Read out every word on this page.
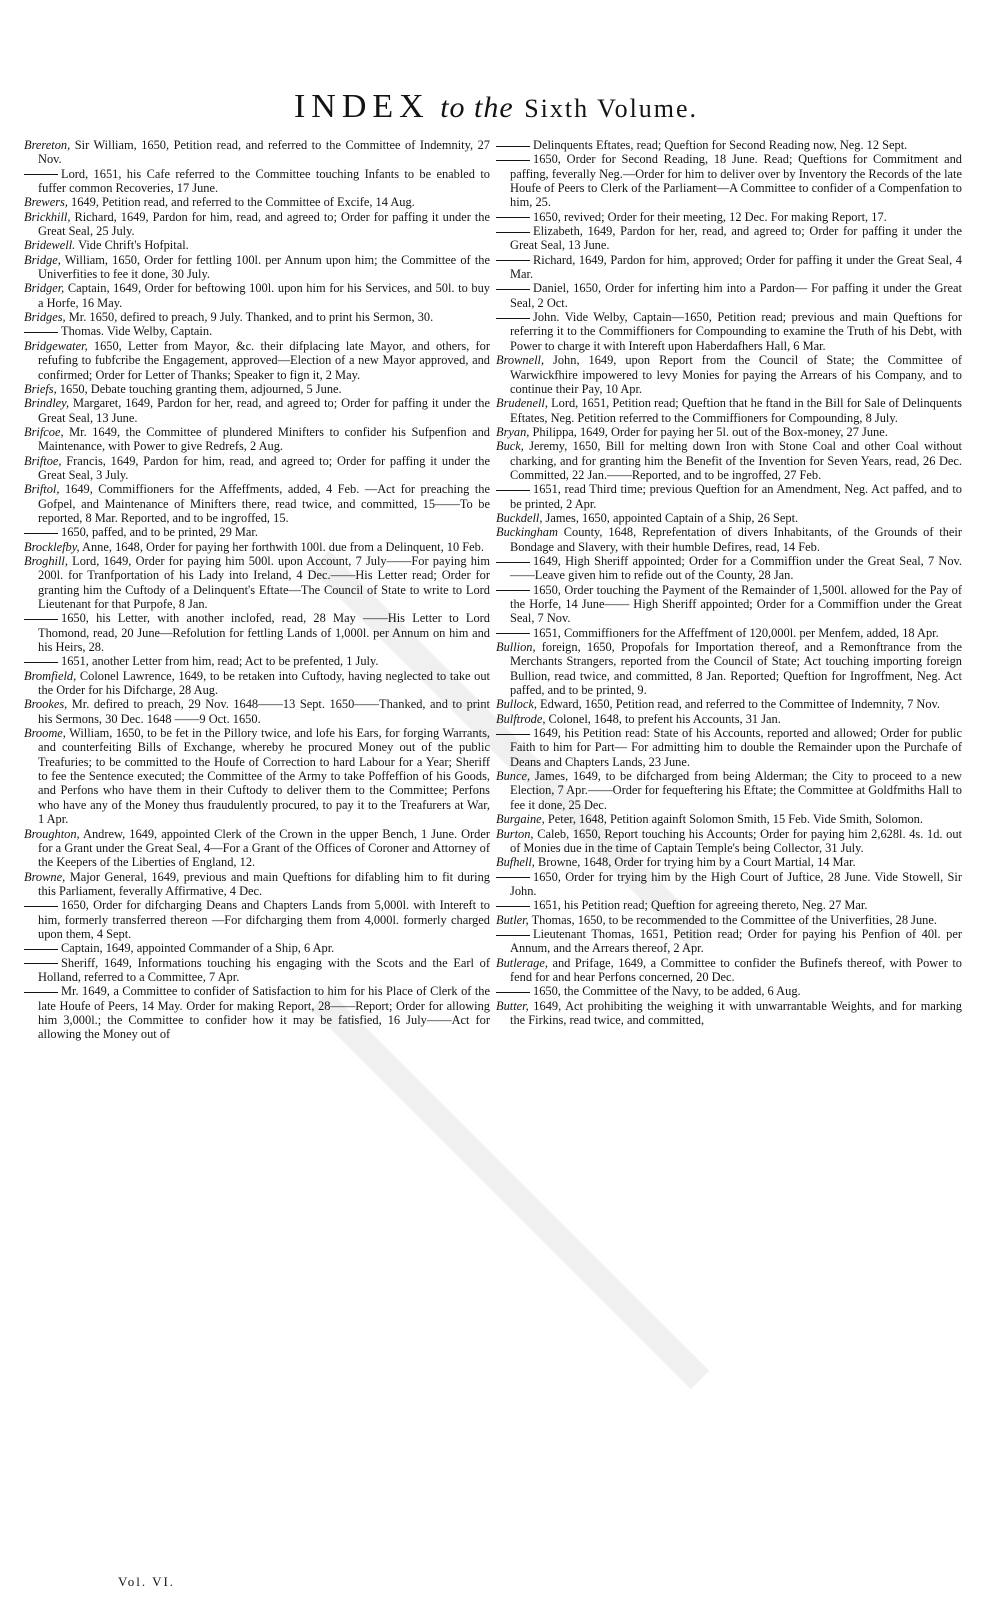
INDEX to the Sixth Volume.

Brereton, Sir William, 1650, Petition read, and referred to the Committee of Indemnity, 27 Nov.

Lord, 1651, his Cafe referred to the Committee touching Infants to be enabled to fuffer common Recoveries, 17 June.

Brewers, 1649, Petition read, and referred to the Committee of Excife, 14 Aug.

Brickhill, Richard, 1649, Pardon for him, read, and agreed to; Order for paffing it under the Great Seal, 25 July.

Bridewell. Vide Chrift's Hofpital.

Bridge, William, 1650, Order for fettling 100l. per Annum upon him; the Committee of the Univerfities to fee it done, 30 July.

Bridger, Captain, 1649, Order for beftowing 100l. upon him for his Services, and 50l. to buy a Horfe, 16 May.

Bridges, Mr. 1650, defired to preach, 9 July. Thanked, and to print his Sermon, 30.

Thomas. Vide Welby, Captain.

Bridgewater, 1650, Letter from Mayor, &c. their difplacing late Mayor, and others, for refufing to fubfcribe the Engagement, approved—Election of a new Mayor approved, and confirmed; Order for Letter of Thanks; Speaker to fign it, 2 May.

Briefs, 1650, Debate touching granting them, adjourned, 5 June.

Brindley, Margaret, 1649, Pardon for her, read, and agreed to; Order for paffing it under the Great Seal, 13 June.

Brifcoe, Mr. 1649, the Committee of plundered Minifters to confider his Sufpenfion and Maintenance, with Power to give Redrefs, 2 Aug.

Briftoe, Francis, 1649, Pardon for him, read, and agreed to; Order for paffing it under the Great Seal, 3 July.

Briftol, 1649, Commiffioners for the Affeffments, added, 4 Feb. —Act for preaching the Gofpel, and Maintenance of Minifters there, read twice, and committed, 15——To be reported, 8 Mar. Reported, and to be ingroffed, 15.

1650, paffed, and to be printed, 29 Mar.

Brocklefby, Anne, 1648, Order for paying her forthwith 100l. due from a Delinquent, 10 Feb.

Broghill, Lord, 1649, Order for paying him 500l. upon Account, 7 July——For paying him 200l. for Tranfportation of his Lady into Ireland, 4 Dec.——His Letter read; Order for granting him the Cuftody of a Delinquent's Eftate—The Council of State to write to Lord Lieutenant for that Purpofe, 8 Jan.

1650, his Letter, with another inclofed, read, 28 May ——His Letter to Lord Thomond, read, 20 June—Refolution for fettling Lands of 1,000l. per Annum on him and his Heirs, 28.

1651, another Letter from him, read; Act to be prefented, 1 July.

Bromfield, Colonel Lawrence, 1649, to be retaken into Cuftody, having neglected to take out the Order for his Difcharge, 28 Aug.

Brookes, Mr. defired to preach, 29 Nov. 1648——13 Sept. 1650——Thanked, and to print his Sermons, 30 Dec. 1648 ——9 Oct. 1650.

Broome, William, 1650, to be fet in the Pillory twice, and lofe his Ears, for forging Warrants, and counterfeiting Bills of Exchange, whereby he procured Money out of the public Treafuries; to be committed to the Houfe of Correction to hard Labour for a Year; Sheriff to fee the Sentence executed; the Committee of the Army to take Poffeffion of his Goods, and Perfons who have them in their Cuftody to deliver them to the Committee; Perfons who have any of the Money thus fraudulently procured, to pay it to the Treafurers at War, 1 Apr.

Broughton, Andrew, 1649, appointed Clerk of the Crown in the upper Bench, 1 June. Order for a Grant under the Great Seal, 4—For a Grant of the Offices of Coroner and Attorney of the Keepers of the Liberties of England, 12.

Browne, Major General, 1649, previous and main Queftions for difabling him to fit during this Parliament, feverally Affirmative, 4 Dec.

1650, Order for difcharging Deans and Chapters Lands from 5,000l. with Intereft to him, formerly transferred thereon —For difcharging them from 4,000l. formerly charged upon them, 4 Sept.

Captain, 1649, appointed Commander of a Ship, 6 Apr.

Sheriff, 1649, Informations touching his engaging with the Scots and the Earl of Holland, referred to a Committee, 7 Apr.

Mr. 1649, a Committee to confider of Satisfaction to him for his Place of Clerk of the late Houfe of Peers, 14 May. Order for making Report, 28——Report; Order for allowing him 3,000l.; the Committee to confider how it may be fatisfied, 16 July——Act for allowing the Money out of

Delinquents Eftates, read; Queftion for Second Reading now, Neg. 12 Sept.

1650, Order for Second Reading, 18 June. Read; Queftions for Commitment and paffing, feverally Neg.—Order for him to deliver over by Inventory the Records of the late Houfe of Peers to Clerk of the Parliament—A Committee to confider of a Compenfation to him, 25.

1650, revived; Order for their meeting, 12 Dec. For making Report, 17.

Elizabeth, 1649, Pardon for her, read, and agreed to; Order for paffing it under the Great Seal, 13 June.

Richard, 1649, Pardon for him, approved; Order for paffing it under the Great Seal, 4 Mar.

Daniel, 1650, Order for inferting him into a Pardon— For paffing it under the Great Seal, 2 Oct.

John. Vide Welby, Captain—1650, Petition read; previous and main Queftions for referring it to the Commiffioners for Compounding to examine the Truth of his Debt, with Power to charge it with Intereft upon Haberdafhers Hall, 6 Mar.

Brownell, John, 1649, upon Report from the Council of State; the Committee of Warwickfhire impowered to levy Monies for paying the Arrears of his Company, and to continue their Pay, 10 Apr.

Brudenell, Lord, 1651, Petition read; Queftion that he ftand in the Bill for Sale of Delinquents Eftates, Neg. Petition referred to the Commiffioners for Compounding, 8 July.

Bryan, Philippa, 1649, Order for paying her 5l. out of the Box-money, 27 June.

Buck, Jeremy, 1650, Bill for melting down Iron with Stone Coal and other Coal without charking, and for granting him the Benefit of the Invention for Seven Years, read, 26 Dec. Committed, 22 Jan.——Reported, and to be ingroffed, 27 Feb.

1651, read Third time; previous Queftion for an Amendment, Neg. Act paffed, and to be printed, 2 Apr.

Buckdell, James, 1650, appointed Captain of a Ship, 26 Sept.

Buckingham County, 1648, Reprefentation of divers Inhabitants, of the Grounds of their Bondage and Slavery, with their humble Defires, read, 14 Feb.

1649, High Sheriff appointed; Order for a Commiffion under the Great Seal, 7 Nov.——Leave given him to refide out of the County, 28 Jan.

1650, Order touching the Payment of the Remainder of 1,500l. allowed for the Pay of the Horfe, 14 June—— High Sheriff appointed; Order for a Commiffion under the Great Seal, 7 Nov.

1651, Commiffioners for the Affeffment of 120,000l. per Menfem, added, 18 Apr.

Bullion, foreign, 1650, Propofals for Importation thereof, and a Remonftrance from the Merchants Strangers, reported from the Council of State; Act touching importing foreign Bullion, read twice, and committed, 8 Jan. Reported; Queftion for Ingroffment, Neg. Act paffed, and to be printed, 9.

Bullock, Edward, 1650, Petition read, and referred to the Committee of Indemnity, 7 Nov.

Bulftrode, Colonel, 1648, to prefent his Accounts, 31 Jan.

1649, his Petition read: State of his Accounts, reported and allowed; Order for public Faith to him for Part— For admitting him to double the Remainder upon the Purchafe of Deans and Chapters Lands, 23 June.

Bunce, James, 1649, to be difcharged from being Alderman; the City to proceed to a new Election, 7 Apr.——Order for fequeftering his Eftate; the Committee at Goldfmiths Hall to fee it done, 25 Dec.

Burgaine, Peter, 1648, Petition againft Solomon Smith, 15 Feb. Vide Smith, Solomon.

Burton, Caleb, 1650, Report touching his Accounts; Order for paying him 2,628l. 4s. 1d. out of Monies due in the time of Captain Temple's being Collector, 31 July.

Bufhell, Browne, 1648, Order for trying him by a Court Martial, 14 Mar.

1650, Order for trying him by the High Court of Juftice, 28 June. Vide Stowell, Sir John.

1651, his Petition read; Queftion for agreeing thereto, Neg. 27 Mar.

Butler, Thomas, 1650, to be recommended to the Committee of the Univerfities, 28 June.

Lieutenant Thomas, 1651, Petition read; Order for paying his Penfion of 40l. per Annum, and the Arrears thereof, 2 Apr.

Butlerage, and Prifage, 1649, a Committee to confider the Bufinefs thereof, with Power to fend for and hear Perfons concerned, 20 Dec.

1650, the Committee of the Navy, to be added, 6 Aug.

Butter, 1649, Act prohibiting the weighing it with unwarrantable Weights, and for marking the Firkins, read twice, and committed,

Vol. VI.
